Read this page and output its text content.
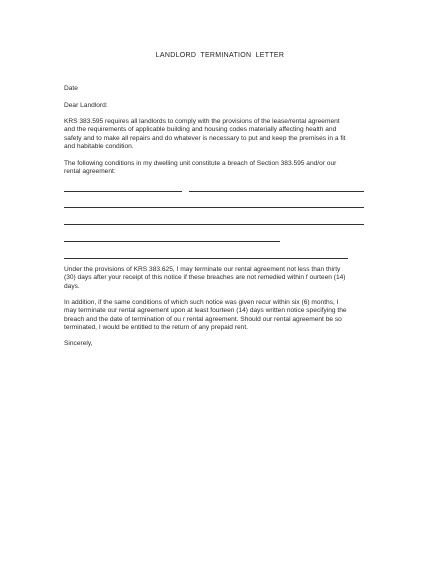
LANDLORD TERMINATION LETTER
Date
Dear Landlord:
KRS 383.595 requires all landlords to comply with the provisions of the lease/rental agreement
and the requirements of applicable building and housing codes materially affecting health and
safety and to make all repairs and do whatever is necessary to put and keep the premises in a fit
and habitable condition.
The following conditions in my dwelling unit constitute a breach of Section 383.595 and/or our
rental agreement:
Under the provisions of KRS 383.625, I may terminate our rental agreement not less than thirty
(30) days after your receipt of this notice if these breaches are not remedied within f ourteen (14)
days.
In addition, if the same conditions of which such notice was given recur within six (6) months, I
may terminate our rental agreement upon at least fourteen (14) days written notice specifying the
breach and the date of termination of ou r rental agreement. Should our rental agreement be so
terminated, I would be entitled to the return of any prepaid rent.
Sincerely,
